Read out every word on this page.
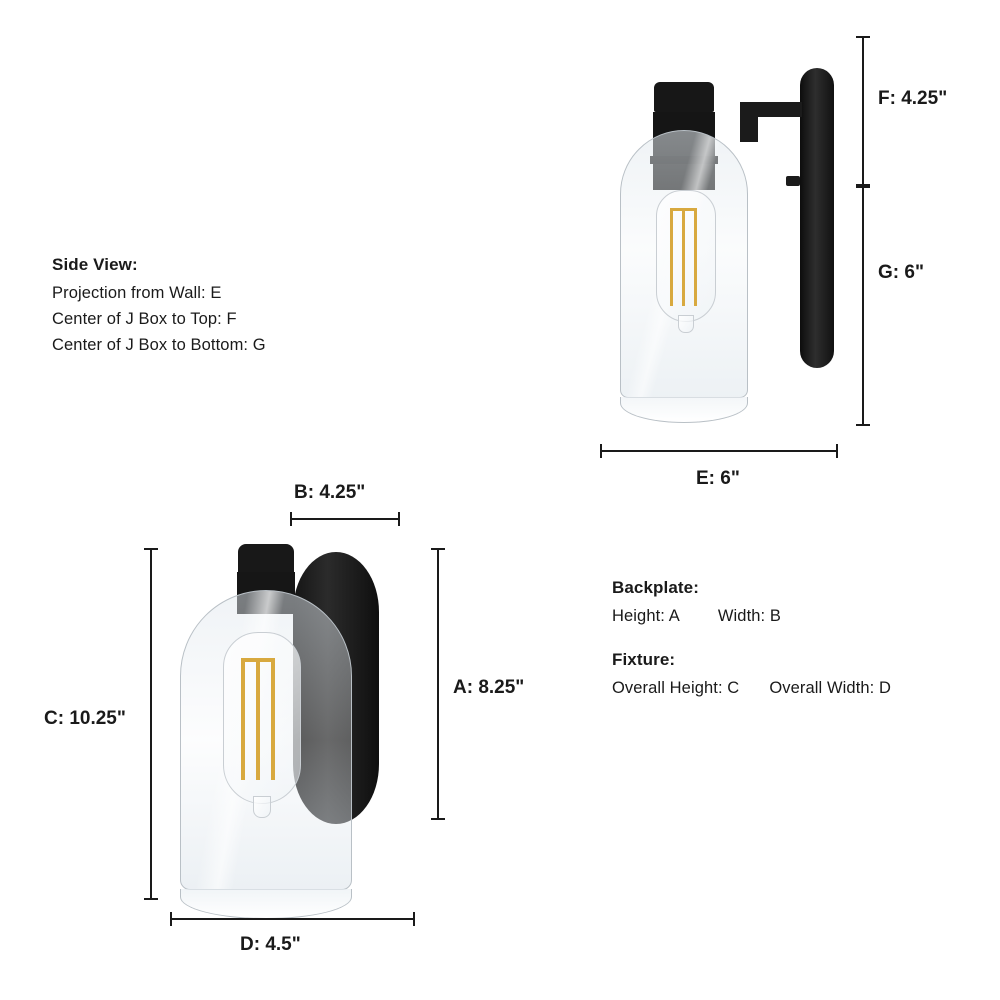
F: 4.25"
G: 6"
E: 6"
Side View:
Projection from Wall: E
Center of J Box to Top: F
Center of J Box to Bottom: G
B: 4.25"
C: 10.25"
A: 8.25"
D: 4.5"
Backplate:
Height: A Width: B
Fixture:
Overall Height: C Overall Width: D
